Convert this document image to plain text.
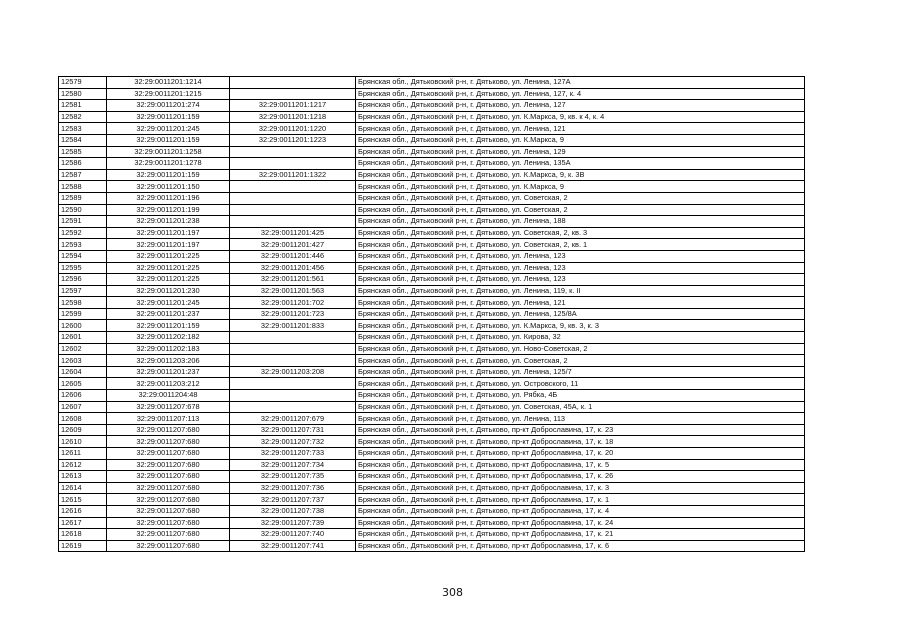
12579	32:29:0011201:1214		Брянская обл., Дятьковский р-н, г. Дятьково, ул. Ленина, 127А
12580	32:29:0011201:1215		Брянская обл., Дятьковский р-н, г. Дятьково, ул. Ленина, 127, к. 4
12581	32:29:0011201:274	32:29:0011201:1217	Брянская обл., Дятьковский р-н, г. Дятьково, ул. Ленина, 127
12582	32:29:0011201:159	32:29:0011201:1218	Брянская обл., Дятьковский р-н, г. Дятьково, ул. К.Маркса, 9, кв. к 4, к. 4
12583	32:29:0011201:245	32:29:0011201:1220	Брянская обл., Дятьковский р-н, г. Дятьково, ул. Ленина, 121
12584	32:29:0011201:159	32:29:0011201:1223	Брянская обл., Дятьковский р-н, г. Дятьково, ул. К.Маркса, 9
12585	32:29:0011201:1258		Брянская обл., Дятьковский р-н, г. Дятьково, ул. Ленина, 129
12586	32:29:0011201:1278		Брянская обл., Дятьковский р-н, г. Дятьково, ул. Ленина, 135А
12587	32:29:0011201:159	32:29:0011201:1322	Брянская обл., Дятьковский р-н, г. Дятьково, ул. К.Маркса, 9, к. 3В
12588	32:29:0011201:150		Брянская обл., Дятьковский р-н, г. Дятьково, ул. К.Маркса, 9
12589	32:29:0011201:196		Брянская обл., Дятьковский р-н, г. Дятьково, ул. Советская, 2
12590	32:29:0011201:199		Брянская обл., Дятьковский р-н, г. Дятьково, ул. Советская, 2
12591	32:29:0011201:238		Брянская обл., Дятьковский р-н, г. Дятьково, ул. Ленина, 188
12592	32:29:0011201:197	32:29:0011201:425	Брянская обл., Дятьковский р-н, г. Дятьково, ул. Советская, 2, кв. 3
12593	32:29:0011201:197	32:29:0011201:427	Брянская обл., Дятьковский р-н, г. Дятьково, ул. Советская, 2, кв. 1
12594	32:29:0011201:225	32:29:0011201:446	Брянская обл., Дятьковский р-н, г. Дятьково, ул. Ленина, 123
12595	32:29:0011201:225	32:29:0011201:456	Брянская обл., Дятьковский р-н, г. Дятьково, ул. Ленина, 123
12596	32:29:0011201:225	32:29:0011201:561	Брянская обл., Дятьковский р-н, г. Дятьково, ул. Ленина, 123
12597	32:29:0011201:230	32:29:0011201:563	Брянская обл., Дятьковский р-н, г. Дятьково, ул. Ленина, 119, к. II
12598	32:29:0011201:245	32:29:0011201:702	Брянская обл., Дятьковский р-н, г. Дятьково, ул. Ленина, 121
12599	32:29:0011201:237	32:29:0011201:723	Брянская обл., Дятьковский р-н, г. Дятьково, ул. Ленина, 125/8А
12600	32:29:0011201:159	32:29:0011201:833	Брянская обл., Дятьковский р-н, г. Дятьково, ул. К.Маркса, 9, кв. 3, к. 3
12601	32:29:0011202:182		Брянская обл., Дятьковский р-н, г. Дятьково, ул. Кирова, 32
12602	32:29:0011202:183		Брянская обл., Дятьковский р-н, г. Дятьково, ул. Ново-Советская, 2
12603	32:29:0011203:206		Брянская обл., Дятьковский р-н, г. Дятьково, ул. Советская, 2
12604	32:29:0011201:237	32:29:0011203:208	Брянская обл., Дятьковский р-н, г. Дятьково, ул. Ленина, 125/7
12605	32:29:0011203:212		Брянская обл., Дятьковский р-н, г. Дятьково, ул. Островского, 11
12606	32:29:0011204:48		Брянская обл., Дятьковский р-н, г. Дятьково, ул. Рябка, 4Б
12607	32:29:0011207:678		Брянская обл., Дятьковский р-н, г. Дятьково, ул. Советская, 45А, к. 1
12608	32:29:0011207:113	32:29:0011207:679	Брянская обл., Дятьковский р-н, г. Дятьково, ул. Ленина, 113
12609	32:29:0011207:680	32:29:0011207:731	Брянская обл., Дятьковский р-н, г. Дятьково, пр-кт Доброславина, 17, к. 23
12610	32:29:0011207:680	32:29:0011207:732	Брянская обл., Дятьковский р-н, г. Дятьково, пр-кт Доброславина, 17, к. 18
12611	32:29:0011207:680	32:29:0011207:733	Брянская обл., Дятьковский р-н, г. Дятьково, пр-кт Доброславина, 17, к. 20
12612	32:29:0011207:680	32:29:0011207:734	Брянская обл., Дятьковский р-н, г. Дятьково, пр-кт Доброславина, 17, к. 5
12613	32:29:0011207:680	32:29:0011207:735	Брянская обл., Дятьковский р-н, г. Дятьково, пр-кт Доброславина, 17, к. 26
12614	32:29:0011207:680	32:29:0011207:736	Брянская обл., Дятьковский р-н, г. Дятьково, пр-кт Доброславина, 17, к. 3
12615	32:29:0011207:680	32:29:0011207:737	Брянская обл., Дятьковский р-н, г. Дятьково, пр-кт Доброславина, 17, к. 1
12616	32:29:0011207:680	32:29:0011207:738	Брянская обл., Дятьковский р-н, г. Дятьково, пр-кт Доброславина, 17, к. 4
12617	32:29:0011207:680	32:29:0011207:739	Брянская обл., Дятьковский р-н, г. Дятьково, пр-кт Доброславина, 17, к. 24
12618	32:29:0011207:680	32:29:0011207:740	Брянская обл., Дятьковский р-н, г. Дятьково, пр-кт Доброславина, 17, к. 21
12619	32:29:0011207:680	32:29:0011207:741	Брянская обл., Дятьковский р-н, г. Дятьково, пр-кт Доброславина, 17, к. 6
308
